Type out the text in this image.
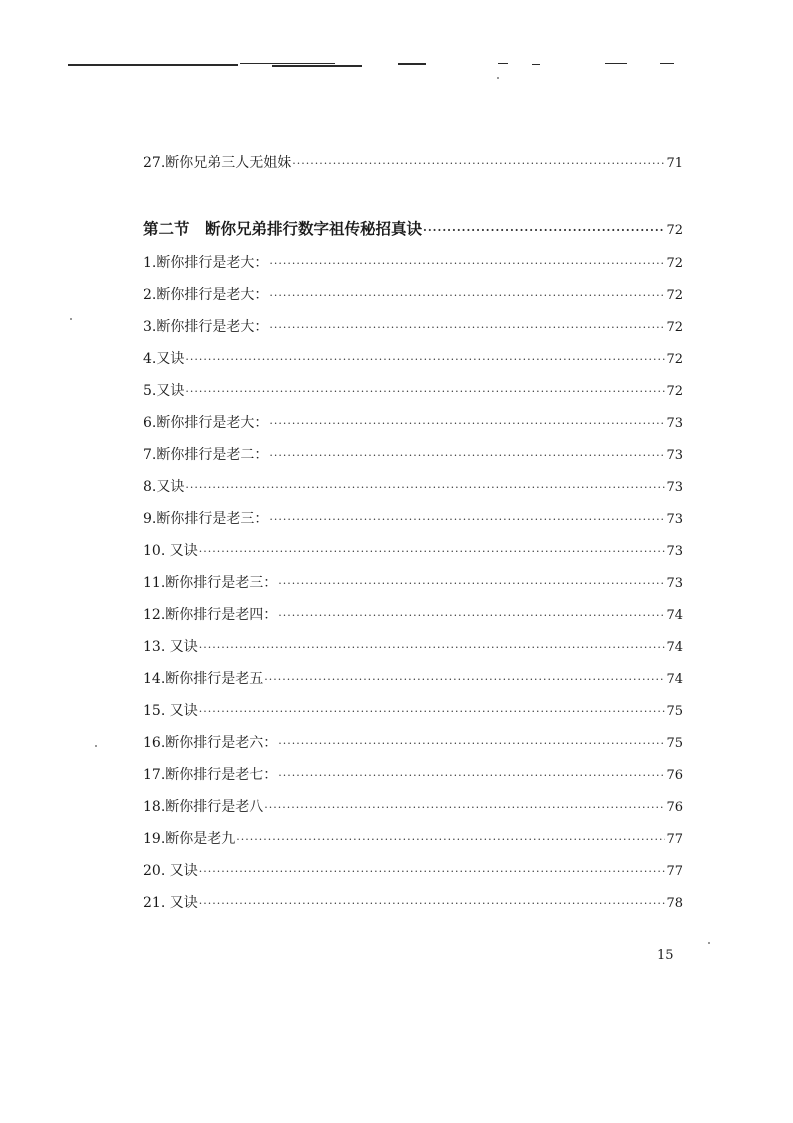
27.断你兄弟三人无姐妹 ·····	71
第二节　断你兄弟排行数字祖传秘招真诀 ·····	72
1.断你排行是老大： ·····	72
2.断你排行是老大： ·····	72
3.断你排行是老大： ·····	72
4.又诀 ·····	72
5.又诀 ·····	72
6.断你排行是老大： ·····	73
7.断你排行是老二： ·····	73
8.又诀 ·····	73
9.断你排行是老三： ·····	73
10. 又诀 ·····	73
11.断你排行是老三： ·····	73
12.断你排行是老四： ·····	74
13. 又诀 ·····	74
14.断你排行是老五 ·····	74
15. 又诀 ·····	75
16.断你排行是老六： ·····	75
17.断你排行是老七： ·····	76
18.断你排行是老八 ·····	76
19.断你是老九 ·····	77
20. 又诀 ·····	77
21. 又诀 ·····	78
15
